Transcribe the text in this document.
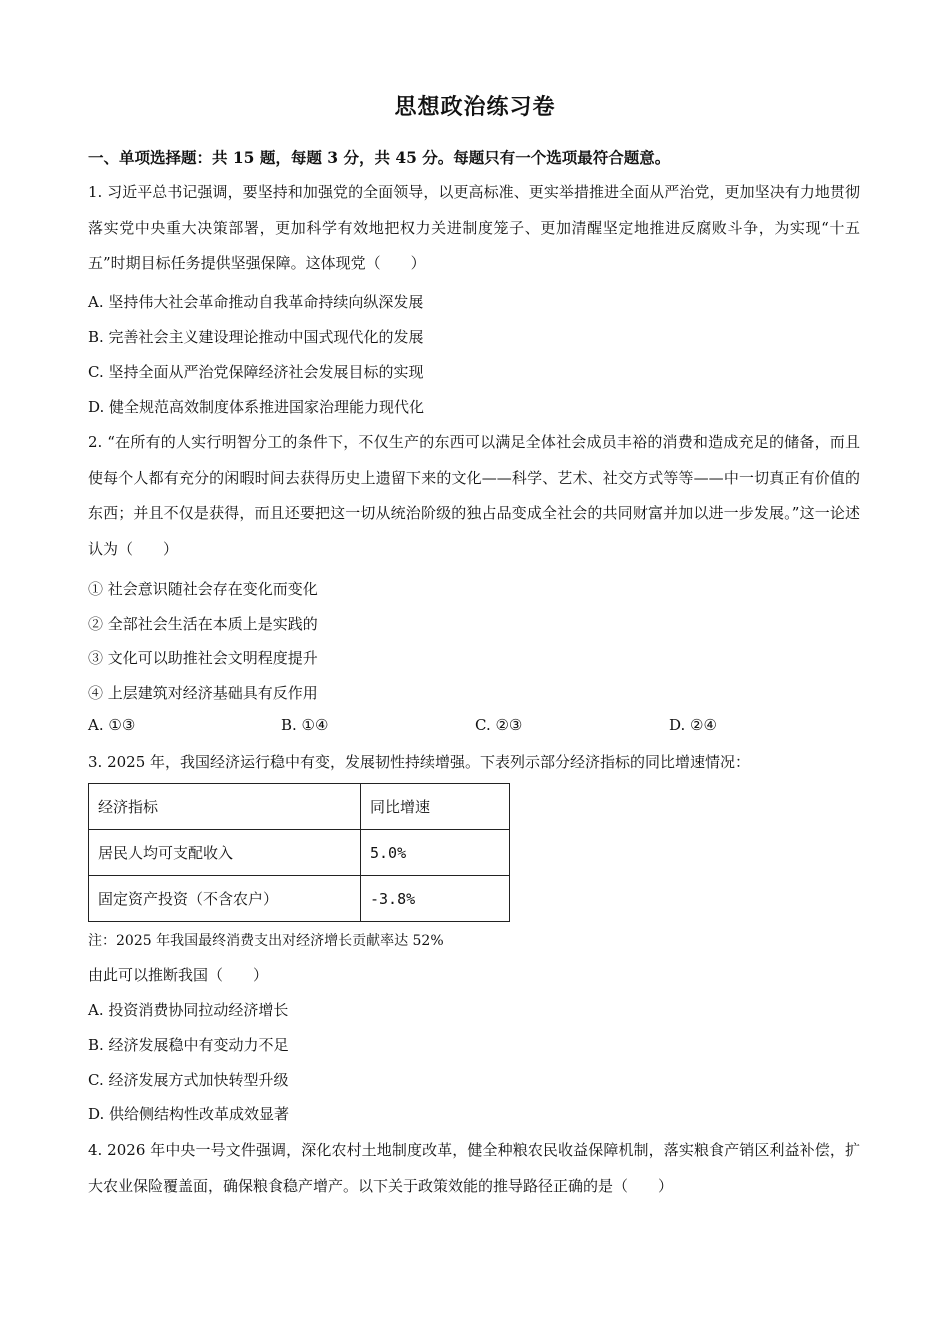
思想政治练习卷
一、单项选择题：共 15 题，每题 3 分，共 45 分。每题只有一个选项最符合题意。
1. 习近平总书记强调，要坚持和加强党的全面领导，以更高标准、更实举措推进全面从严治党，更加坚决有力地贯彻落实党中央重大决策部署，更加科学有效地把权力关进制度笼子、更加清醒坚定地推进反腐败斗争，为实现“十五五”时期目标任务提供坚强保障。这体现党（　　）
A. 坚持伟大社会革命推动自我革命持续向纵深发展
B. 完善社会主义建设理论推动中国式现代化的发展
C. 坚持全面从严治党保障经济社会发展目标的实现
D. 健全规范高效制度体系推进国家治理能力现代化
2. “在所有的人实行明智分工的条件下，不仅生产的东西可以满足全体社会成员丰裕的消费和造成充足的储备，而且使每个人都有充分的闲暇时间去获得历史上遗留下来的文化——科学、艺术、社交方式等等——中一切真正有价值的东西；并且不仅是获得，而且还要把这一切从统治阶级的独占品变成全社会的共同财富并加以进一步发展。”这一论述认为（　　）
① 社会意识随社会存在变化而变化
② 全部社会生活在本质上是实践的
③ 文化可以助推社会文明程度提升
④ 上层建筑对经济基础具有反作用
A. ①③	B. ①④	C. ②③	D. ②④
3. 2025 年，我国经济运行稳中有变，发展韧性持续增强。下表列示部分经济指标的同比增速情况：
经济指标	同比增速
居民人均可支配收入	5.0%
固定资产投资（不含农户）	-3.8%
注：2025 年我国最终消费支出对经济增长贡献率达 52%
由此可以推断我国（　　）
A. 投资消费协同拉动经济增长
B. 经济发展稳中有变动力不足
C. 经济发展方式加快转型升级
D. 供给侧结构性改革成效显著
4. 2026 年中央一号文件强调，深化农村土地制度改革，健全种粮农民收益保障机制，落实粮食产销区利益补偿，扩大农业保险覆盖面，确保粮食稳产增产。以下关于政策效能的推导路径正确的是（　　）
